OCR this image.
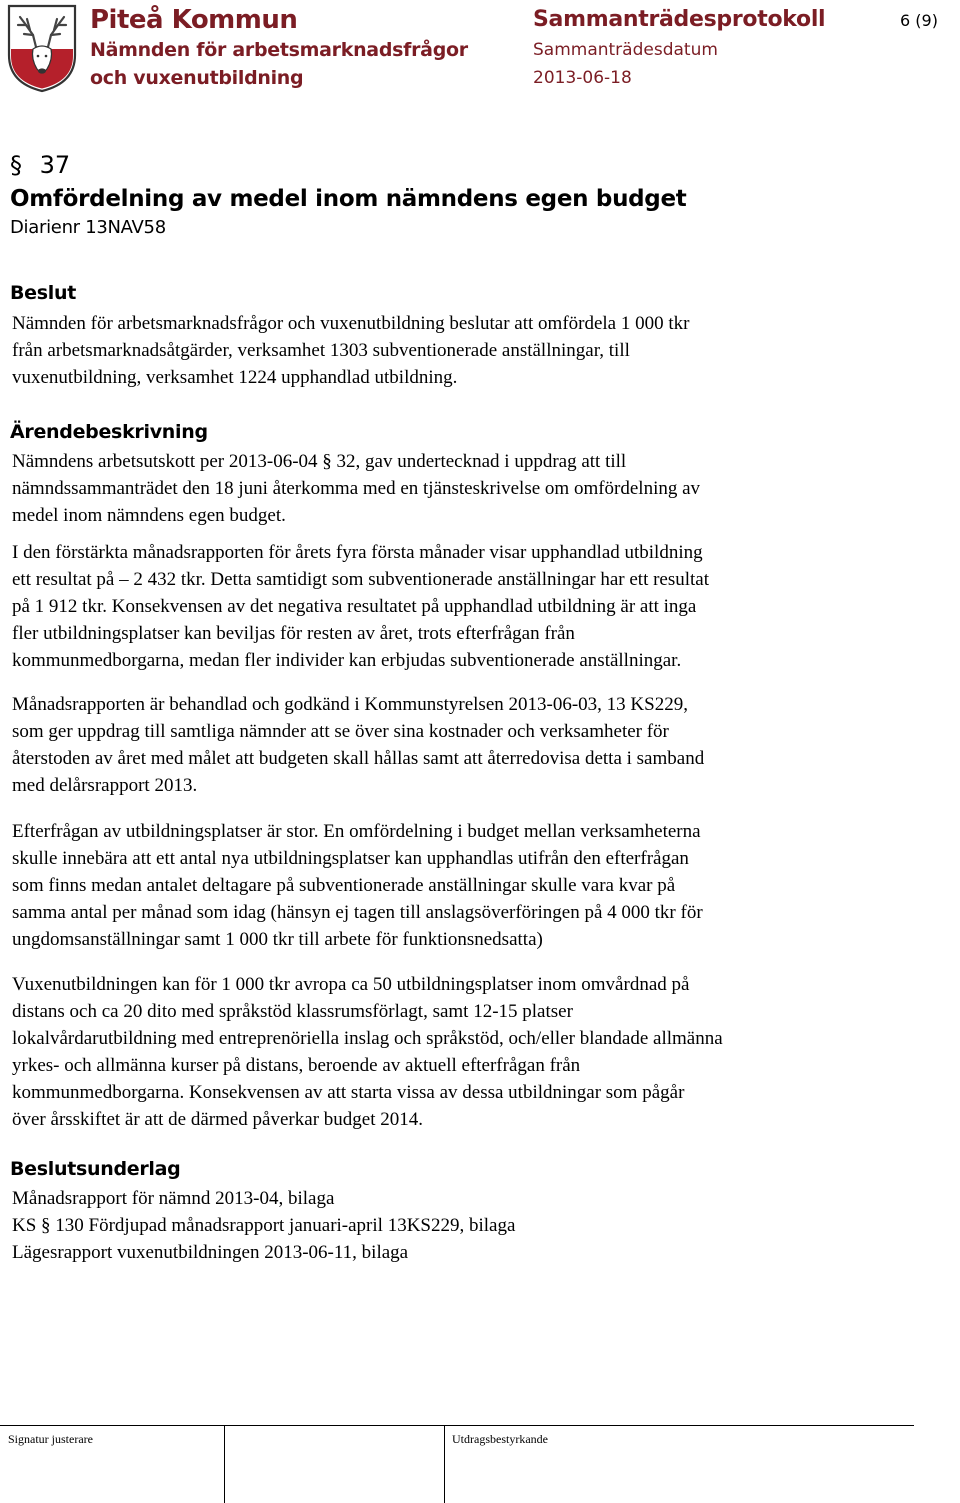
Piteå Kommun
Nämnden för arbetsmarknadsfrågor
och vuxenutbildning
Sammanträdesprotokoll
Sammanträdesdatum
2013-06-18
6 (9)
§ 37
Omfördelning av medel inom nämndens egen budget
Diarienr 13NAV58
Beslut
Nämnden för arbetsmarknadsfrågor och vuxenutbildning beslutar att omfördela 1 000 tkr
från arbetsmarknadsåtgärder, verksamhet 1303 subventionerade anställningar, till
vuxenutbildning, verksamhet 1224 upphandlad utbildning.
Ärendebeskrivning
Nämndens arbetsutskott per 2013-06-04 § 32, gav undertecknad i uppdrag att till
nämndssammanträdet den 18 juni återkomma med en tjänsteskrivelse om omfördelning av
medel inom nämndens egen budget.
I den förstärkta månadsrapporten för årets fyra första månader visar upphandlad utbildning
ett resultat på – 2 432 tkr. Detta samtidigt som subventionerade anställningar har ett resultat
på 1 912 tkr. Konsekvensen av det negativa resultatet på upphandlad utbildning är att inga
fler utbildningsplatser kan beviljas för resten av året, trots efterfrågan från
kommunmedborgarna, medan fler individer kan erbjudas subventionerade anställningar.
Månadsrapporten är behandlad och godkänd i Kommunstyrelsen 2013-06-03, 13 KS229,
som ger uppdrag till samtliga nämnder att se över sina kostnader och verksamheter för
återstoden av året med målet att budgeten skall hållas samt att återredovisa detta i samband
med delårsrapport 2013.
Efterfrågan av utbildningsplatser är stor. En omfördelning i budget mellan verksamheterna
skulle innebära att ett antal nya utbildningsplatser kan upphandlas utifrån den efterfrågan
som finns medan antalet deltagare på subventionerade anställningar skulle vara kvar på
samma antal per månad som idag (hänsyn ej tagen till anslagsöverföringen på 4 000 tkr för
ungdomsanställningar samt 1 000 tkr till arbete för funktionsnedsatta)
Vuxenutbildningen kan för 1 000 tkr avropa ca 50 utbildningsplatser inom omvårdnad på
distans och ca 20 dito med språkstöd klassrumsförlagt, samt 12-15 platser
lokalvårdarutbildning med entreprenöriella inslag och språkstöd, och/eller blandade allmänna
yrkes- och allmänna kurser på distans, beroende av aktuell efterfrågan från
kommunmedborgarna. Konsekvensen av att starta vissa av dessa utbildningar som pågår
över årsskiftet är att de därmed påverkar budget 2014.
Beslutsunderlag
Månadsrapport för nämnd 2013-04, bilaga
KS § 130 Fördjupad månadsrapport januari-april 13KS229, bilaga
Lägesrapport vuxenutbildningen 2013-06-11, bilaga
Signatur justerare	Utdragsbestyrkande
